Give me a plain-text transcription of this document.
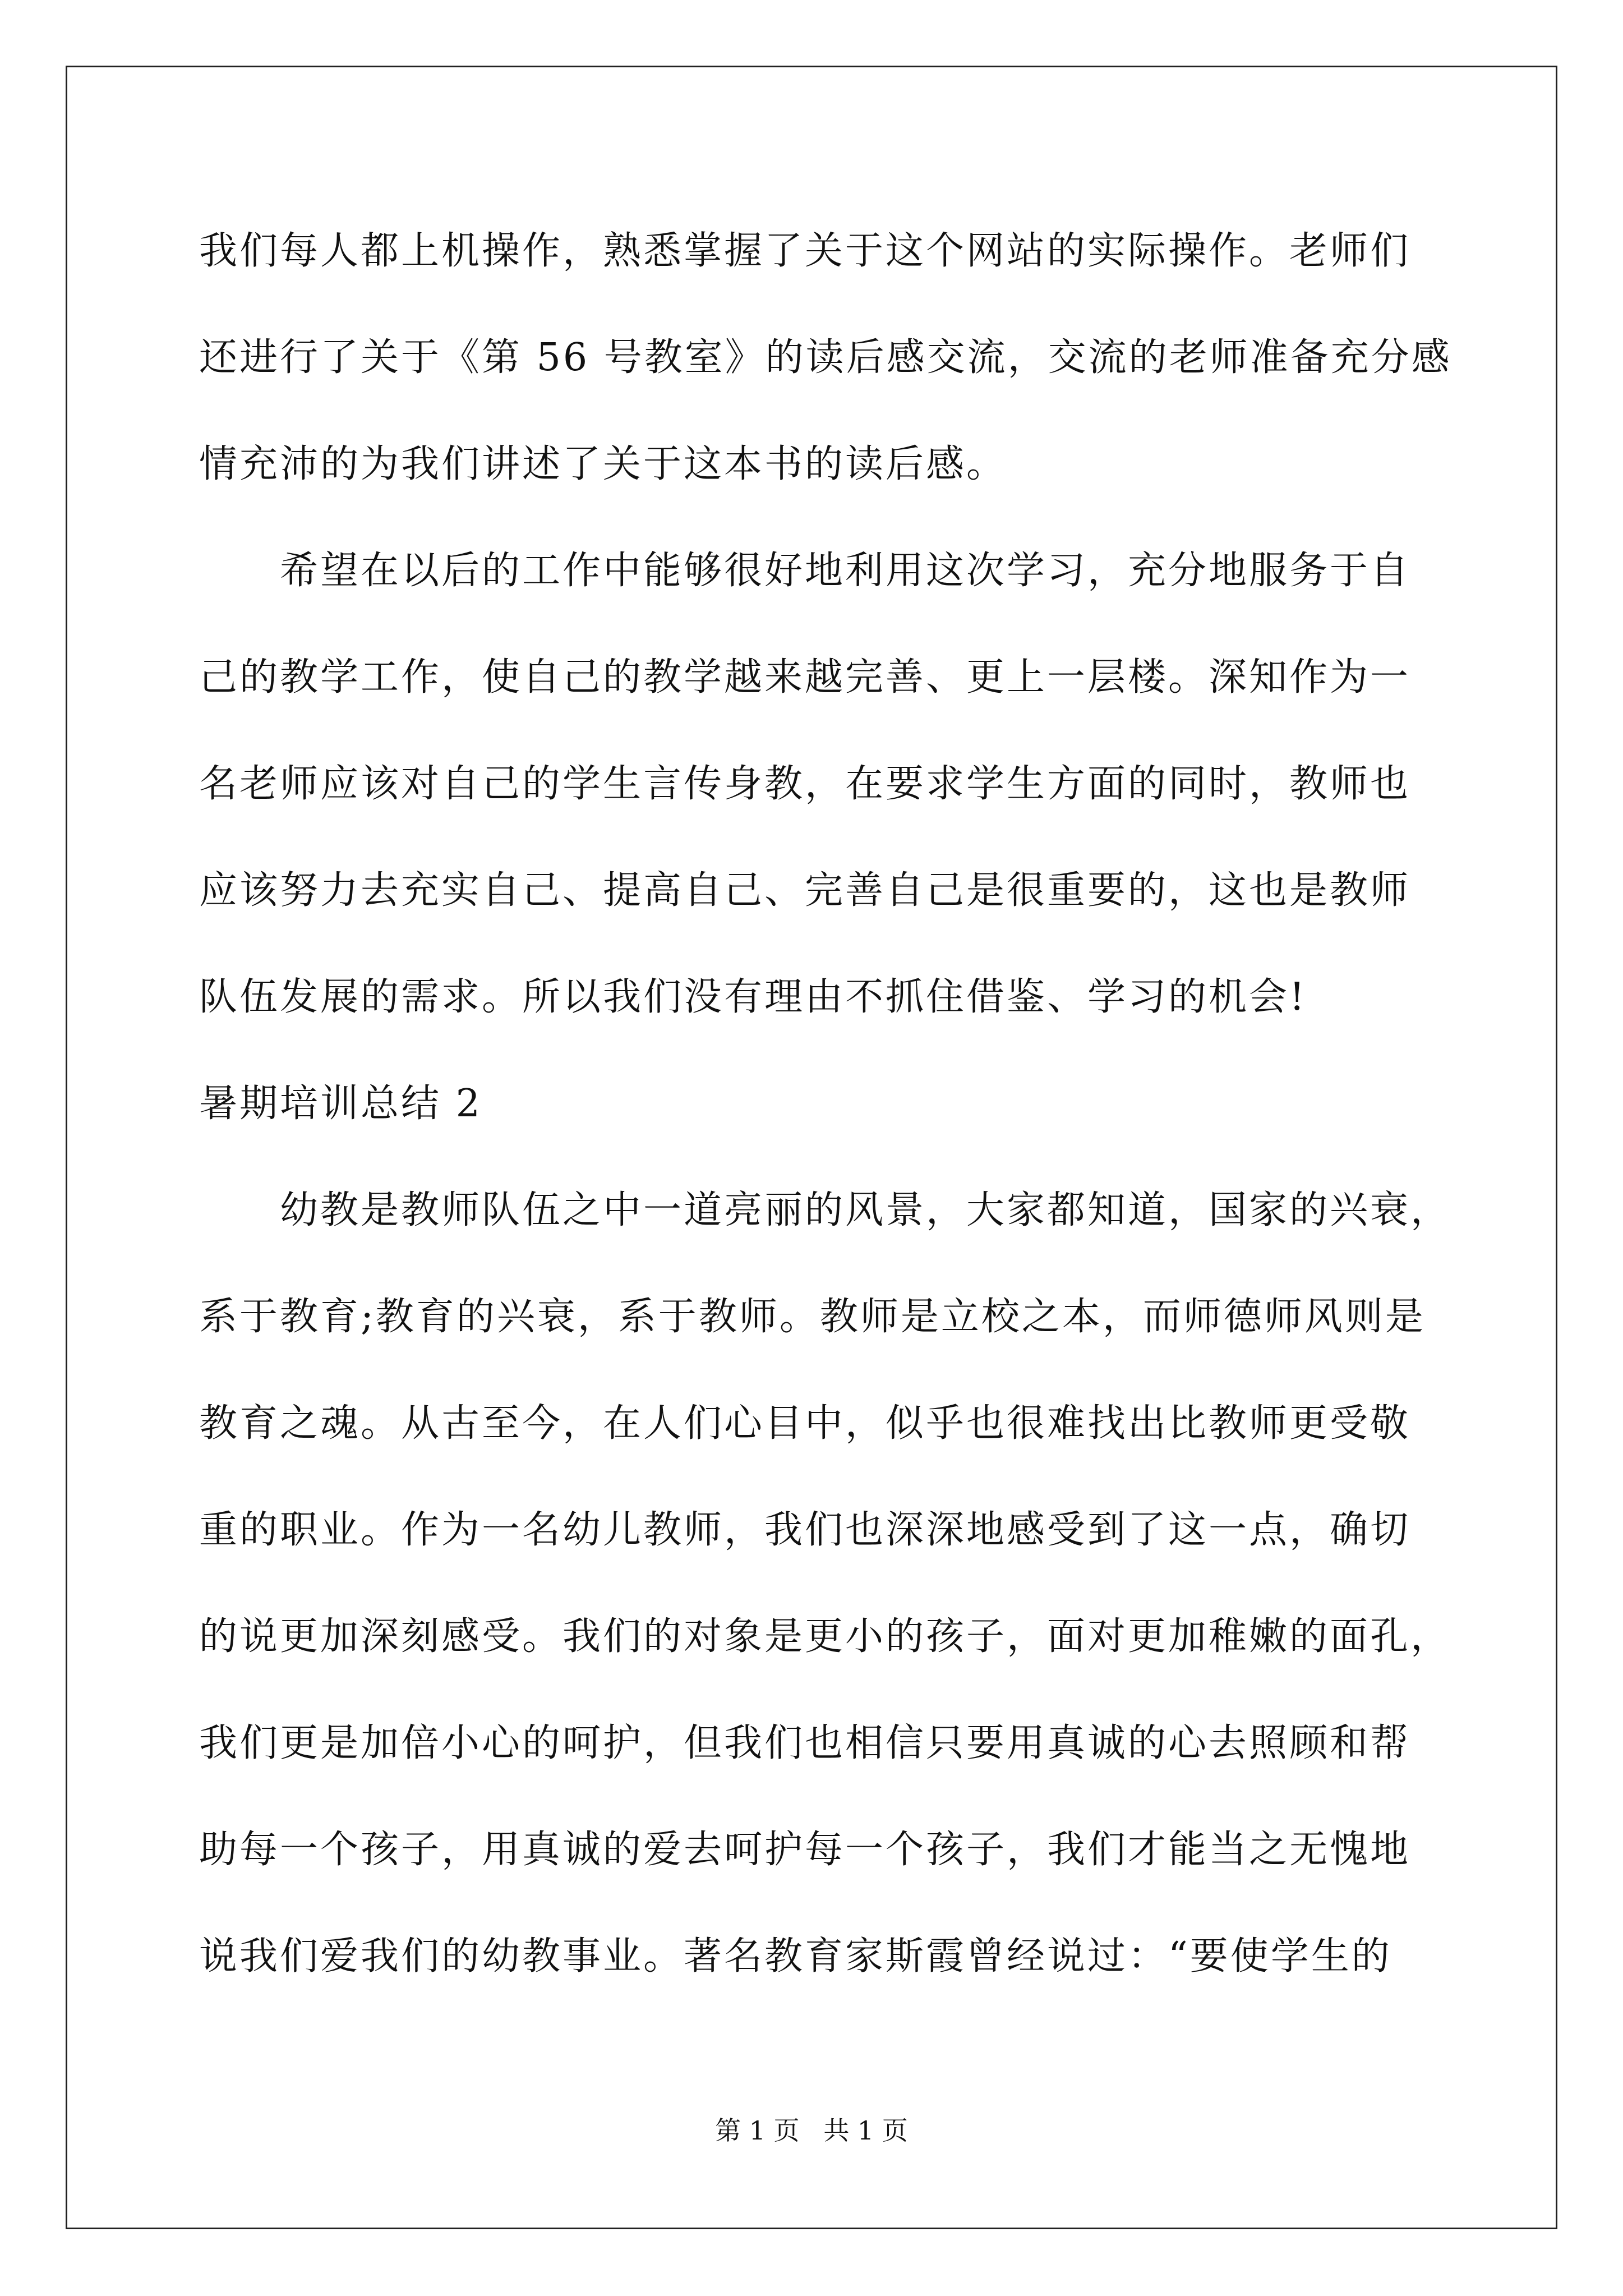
我们每人都上机操作，熟悉掌握了关于这个网站的实际操作。老师们
还进行了关于《第 56 号教室》的读后感交流，交流的老师准备充分感
情充沛的为我们讲述了关于这本书的读后感。
　　希望在以后的工作中能够很好地利用这次学习，充分地服务于自
己的教学工作，使自己的教学越来越完善、更上一层楼。深知作为一
名老师应该对自己的学生言传身教，在要求学生方面的同时，教师也
应该努力去充实自己、提高自己、完善自己是很重要的，这也是教师
队伍发展的需求。所以我们没有理由不抓住借鉴、学习的机会!
暑期培训总结 2
　　幼教是教师队伍之中一道亮丽的风景，大家都知道，国家的兴衰，
系于教育;教育的兴衰，系于教师。教师是立校之本，而师德师风则是
教育之魂。从古至今，在人们心目中，似乎也很难找出比教师更受敬
重的职业。作为一名幼儿教师，我们也深深地感受到了这一点，确切
的说更加深刻感受。我们的对象是更小的孩子，面对更加稚嫩的面孔，
我们更是加倍小心的呵护，但我们也相信只要用真诚的心去照顾和帮
助每一个孩子，用真诚的爱去呵护每一个孩子，我们才能当之无愧地
说我们爱我们的幼教事业。著名教育家斯霞曾经说过：“要使学生的
第 1 页 共 1 页
